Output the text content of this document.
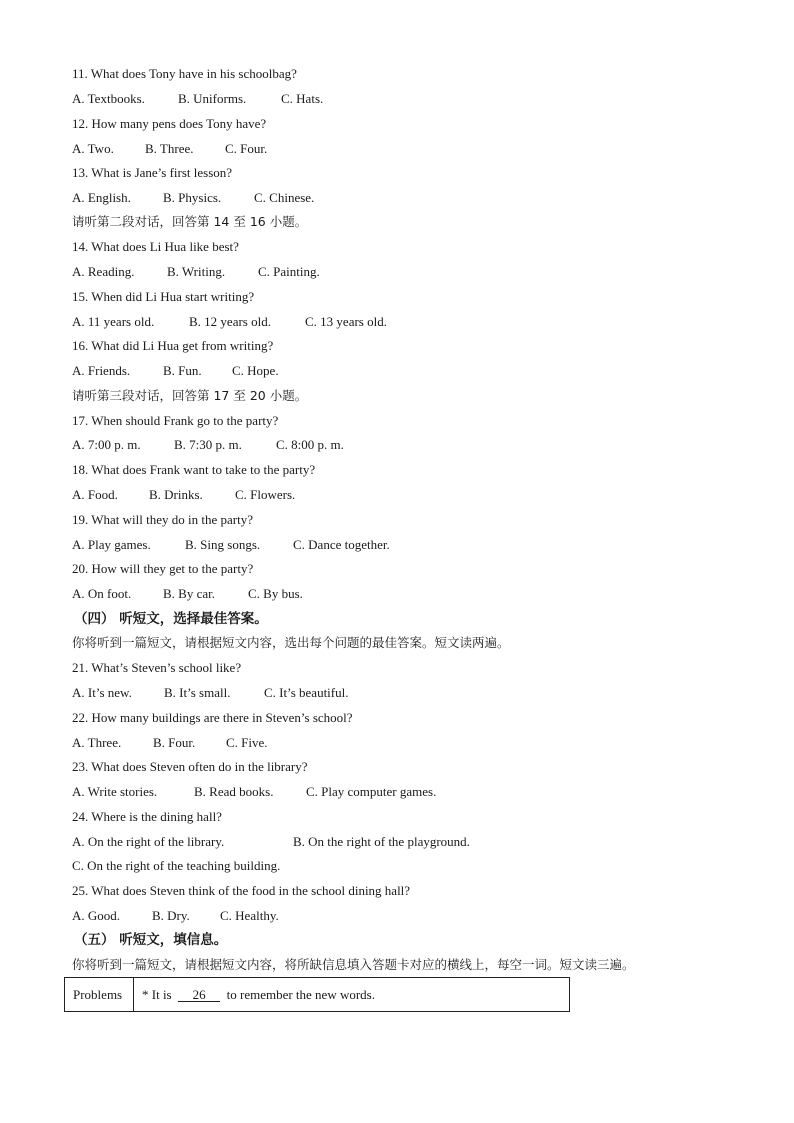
11. What does Tony have in his schoolbag?
A. Textbooks.	B. Uniforms.	C. Hats.
12. How many pens does Tony have?
A. Two. B. Three. C. Four.
13. What is Jane’s first lesson?
A. English. B. Physics.	C. Chinese.
请听第二段对话，回答第 14 至 16 小题。
14. What does Li Hua like best?
A. Reading.	B. Writing.	C. Painting.
15. When did Li Hua start writing?
A. 11 years old.	B. 12 years old.	C. 13 years old.
16. What did Li Hua get from writing?
A. Friends.	B. Fun. C. Hope.
请听第三段对话，回答第 17 至 20 小题。
17. When should Frank go to the party?
A. 7:00 p. m.	B. 7:30 p. m.	C. 8:00 p. m.
18. What does Frank want to take to the party?
A. Food. B. Drinks. C. Flowers.
19. What will they do in the party?
A. Play games.	B. Sing songs.	C. Dance together.
20. How will they get to the party?
A. On foot. B. By car.	C. By bus.
（四） 听短文，选择最佳答案。
你将听到一篇短文，请根据短文内容，选出每个问题的最佳答案。短文读两遍。
21. What’s Steven’s school like?
A. It’s new. B. It’s small.	C. It’s beautiful.
22. How many buildings are there in Steven’s school?
A. Three. B. Four. C. Five.
23. What does Steven often do in the library?
A. Write stories.	B. Read books.	C. Play computer games.
24. Where is the dining hall?
A. On the right of the library.	B. On the right of the playground.
C. On the right of the teaching building.
25. What does Steven think of the food in the school dining hall?
A. Good. B. Dry. C. Healthy.
（五） 听短文，填信息。
你将听到一篇短文，请根据短文内容，将所缺信息填入答题卡对应的横线上，每空一词。短文读三遍。
Problems	* It is 26 to remember the new words.
